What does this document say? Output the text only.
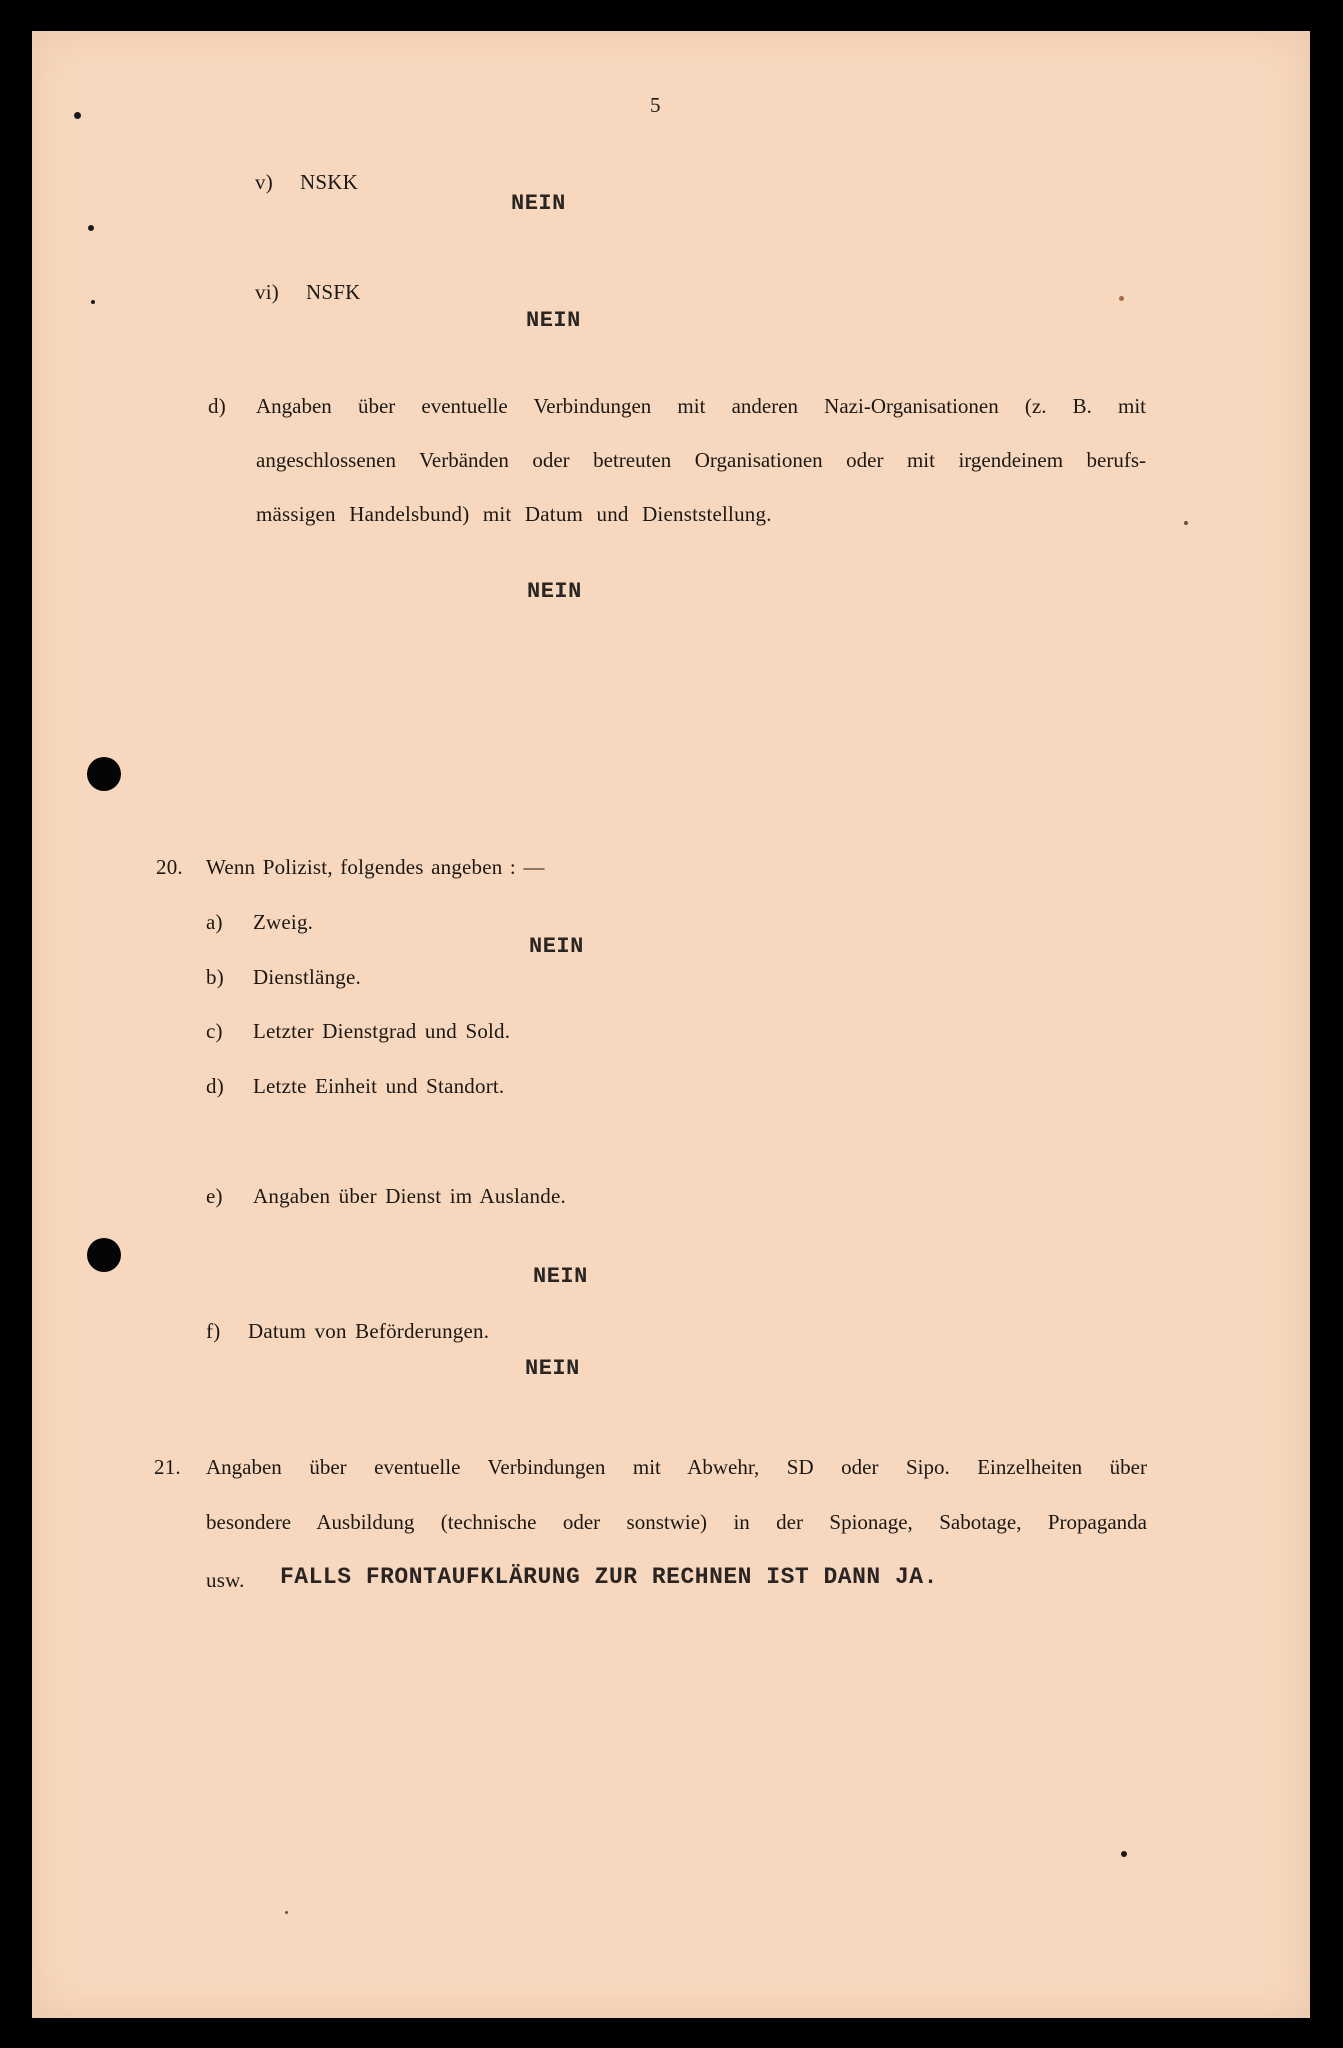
5
v) NSKK
NEIN
vi) NSFK
NEIN
d) Angaben über eventuelle Verbindungen mit anderen Nazi-Organisationen (z. B. mit
angeschlossenen Verbänden oder betreuten Organisationen oder mit irgendeinem berufs-
mässigen Handelsbund) mit Datum und Dienststellung.
NEIN
20. Wenn Polizist, folgendes angeben : —
a) Zweig.
NEIN
b) Dienstlänge.
c) Letzter Dienstgrad und Sold.
d) Letzte Einheit und Standort.
e) Angaben über Dienst im Auslande.
NEIN
f) Datum von Beförderungen.
NEIN
21. Angaben über eventuelle Verbindungen mit Abwehr, SD oder Sipo. Einzelheiten über
besondere Ausbildung (technische oder sonstwie) in der Spionage, Sabotage, Propaganda
usw. FALLS FRONTAUFKLÄRUNG ZUR RECHNEN IST DANN JA.
